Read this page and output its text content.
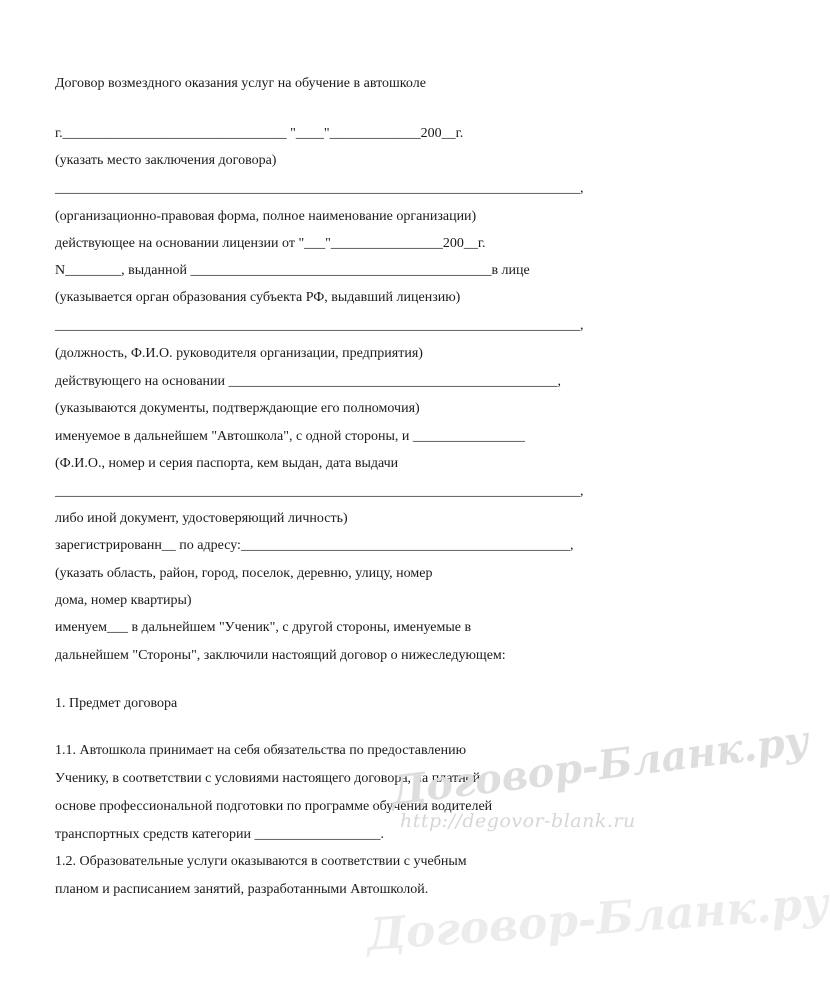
Договор возмездного оказания услуг на обучение в автошколе
г.________________________________ "____"_____________200__г.
(указать место заключения договора)
___________________________________________________________________________,
(организационно-правовая форма, полное наименование организации)
действующее на основании лицензии от "___"________________200__г.
N________, выданной ___________________________________________в лице
(указывается орган образования субъекта РФ, выдавший лицензию)
___________________________________________________________________________,
(должность, Ф.И.О. руководителя организации, предприятия)
действующего на основании _______________________________________________,
(указываются документы, подтверждающие его полномочия)
именуемое в дальнейшем "Автошкола", с одной стороны, и ________________
(Ф.И.О., номер и серия паспорта, кем выдан, дата выдачи
___________________________________________________________________________,
либо иной документ, удостоверяющий личность)
зарегистрированн__ по адресу:_______________________________________________,
(указать область, район, город, поселок, деревню, улицу, номер
дома, номер квартиры)
именуем___ в дальнейшем "Ученик", с другой стороны, именуемые в
дальнейшем "Стороны", заключили настоящий договор о нижеследующем:
1. Предмет договора
1.1. Автошкола принимает на себя обязательства по предоставлению
Ученику, в соответствии с условиями настоящего договора, на платной
основе профессиональной подготовки по программе обучения водителей
транспортных средств категории __________________.
1.2. Образовательные услуги оказываются в соответствии с учебным
планом и расписанием занятий, разработанными Автошколой.
Договор-Бланк.ру
http://degovor-blank.ru
Договор-Бланк.ру
